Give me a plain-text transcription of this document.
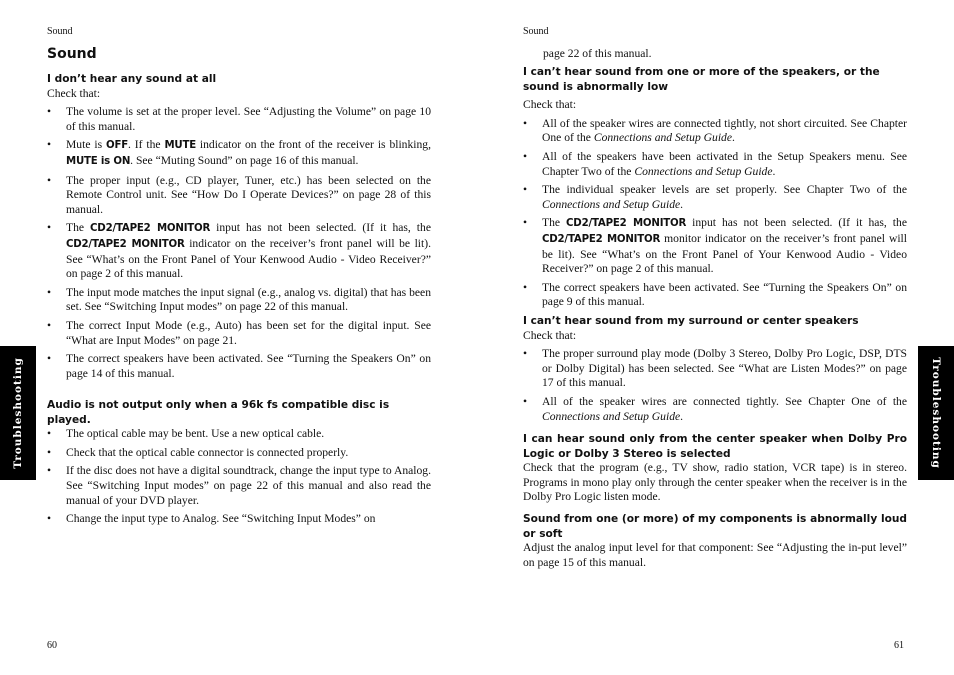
Sound
Sound

I don’t hear any sound at all

Check that:

• The volume is set at the proper level. See “Adjusting the Volume” on page 10 of this manual.
• Mute is OFF. If the MUTE indicator on the front of the receiver is blinking, MUTE is ON. See “Muting Sound” on page 16 of this manual.
• The proper input (e.g., CD player, Tuner, etc.) has been selected on the Remote Control unit. See “How Do I Operate Devices?” on page 28 of this manual.
• The CD2/TAPE2 MONITOR input has not been selected. (If it has, the CD2/TAPE2 MONITOR indicator on the receiver’s front panel will be lit). See “What’s on the Front Panel of Your Kenwood Audio - Video Receiver?” on page 2 of this manual.
• The input mode matches the input signal (e.g., analog vs. digital) that has been set. See “Switching Input modes” on page 22 of this manual.
• The correct Input Mode (e.g., Auto) has been set for the digital input. See “What are Input Modes” on page 21.
• The correct speakers have been activated. See “Turning the Speakers On” on page 14 of this manual.

Audio is not output only when a 96k fs compatible disc is played.

• The optical cable may be bent. Use a new optical cable.
• Check that the optical cable connector is connected properly.
• If the disc does not have a digital soundtrack, change the input type to Analog. See “Switching Input modes” on page 22 of this manual and also read the manual of your DVD player.
• Change the input type to Analog. See “Switching Input Modes” on
60
Troubleshooting
Sound

page 22 of this manual.

I can’t hear sound from one or more of the speakers, or the sound is abnormally low

Check that:

• All of the speaker wires are connected tightly, not short circuited. See Chapter One of the Connections and Setup Guide.
• All of the speakers have been activated in the Setup Speakers menu. See Chapter Two of the Connections and Setup Guide.
• The individual speaker levels are set properly. See Chapter Two of the Connections and Setup Guide.
• The CD2/TAPE2 MONITOR input has not been selected. (If it has, the CD2/TAPE2 MONITOR monitor indicator on the receiver’s front panel will be lit). See “What’s on the Front Panel of Your Kenwood Audio - Video Receiver?” on page 2 of this manual.
• The correct speakers have been activated. See “Turning the Speakers On” on page 9 of this manual.

I can’t hear sound from my surround or center speakers

Check that:

• The proper surround play mode (Dolby 3 Stereo, Dolby Pro Logic, DSP, DTS or Dolby Digital) has been selected. See “What are Listen Modes?” on page 17 of this manual.
• All of the speaker wires are connected tightly. See Chapter One of the Connections and Setup Guide.

I can hear sound only from the center speaker when Dolby Pro Logic or Dolby 3 Stereo is selected

Check that the program (e.g., TV show, radio station, VCR tape) is in stereo. Programs in mono play only through the center speaker when the receiver is in the Dolby Pro Logic listen mode.

Sound from one (or more) of my components is abnormally loud or soft

Adjust the analog input level for that component: See “Adjusting the in-put level” on page 15 of this manual.

61
Troubleshooting
